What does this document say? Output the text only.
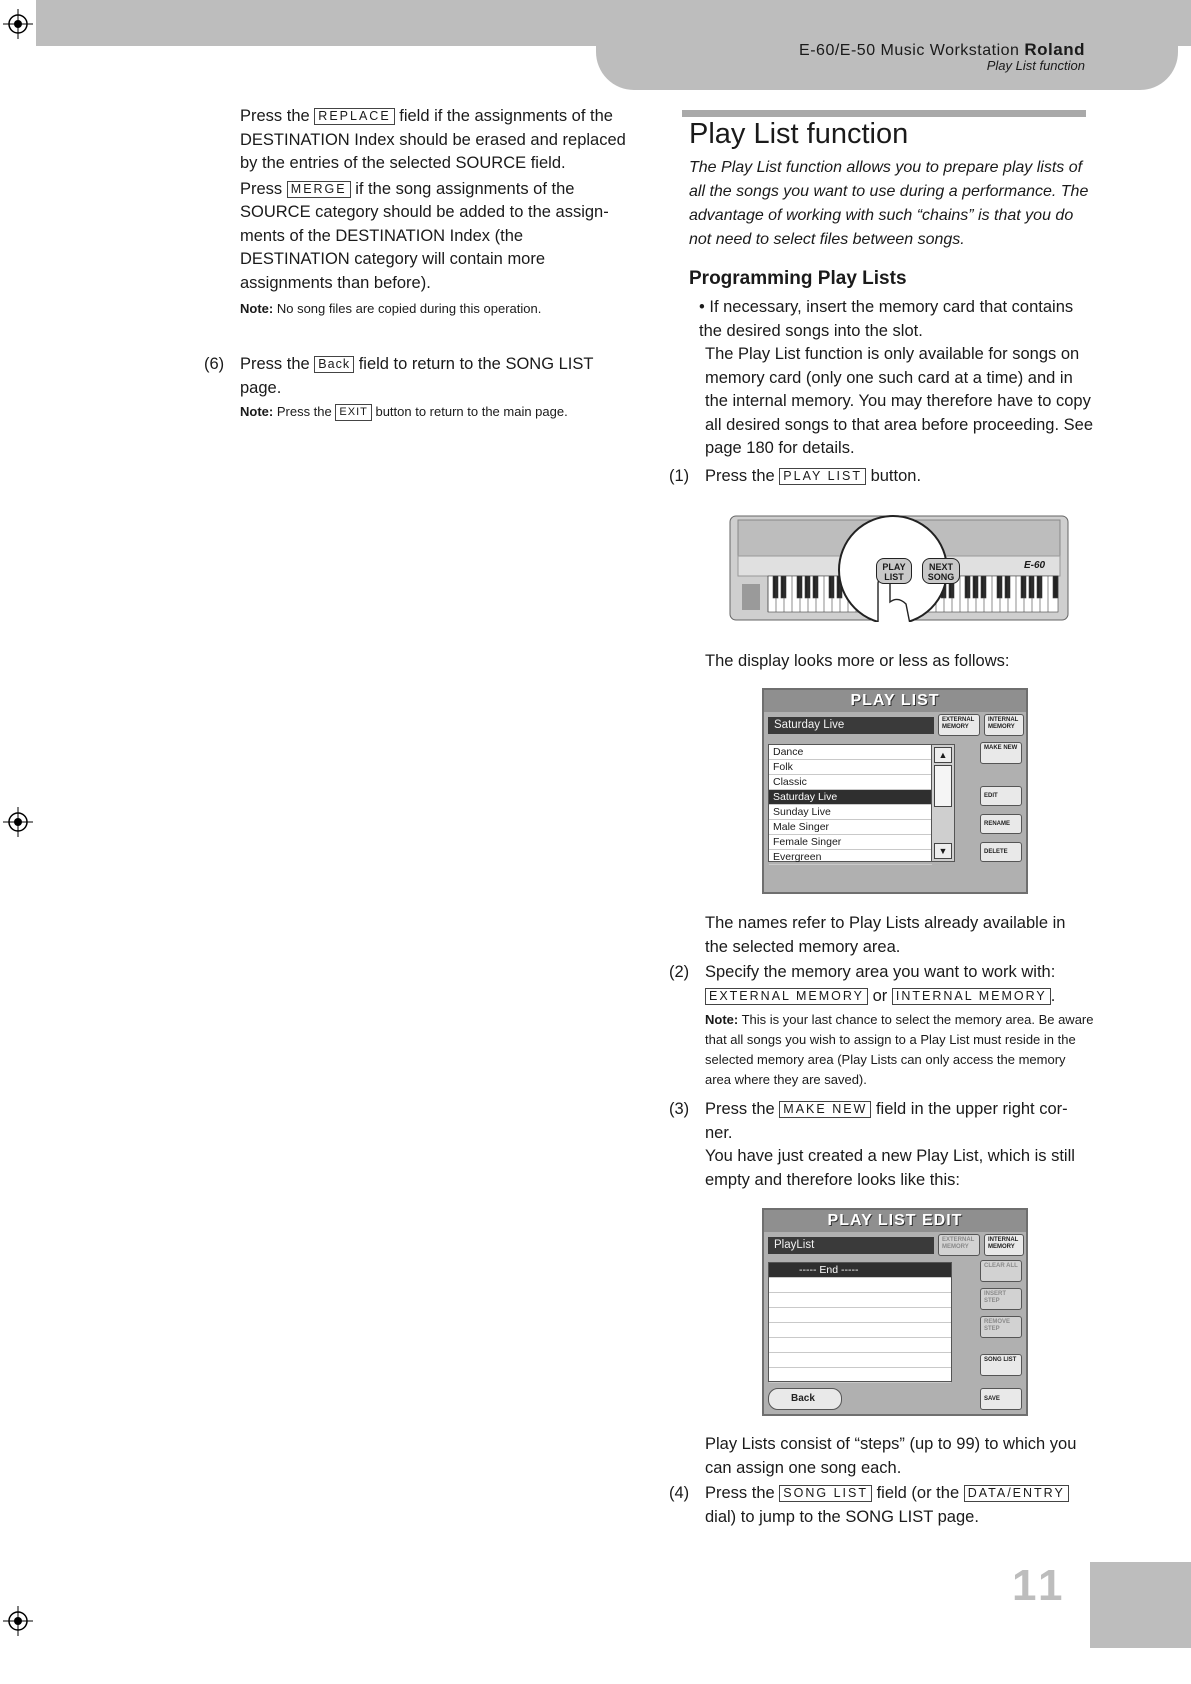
E-60/E-50 Music Workstation Roland
Play List function

Press the REPLACE field if the assignments of the DESTINATION Index should be erased and replaced by the entries of the selected SOURCE field.

Press MERGE if the song assignments of the SOURCE category should be added to the assign-ments of the DESTINATION Index (the DESTINATION category will contain more assignments than before).

Note: No song files are copied during this operation.

(6) Press the Back field to return to the SONG LIST page.

Note: Press the EXIT button to return to the main page.

Play List function
The Play List function allows you to prepare play lists of all the songs you want to use during a performance. The advantage of working with such “chains” is that you do not need to select files between songs.
Programming Play Lists

• If necessary, insert the memory card that contains the desired songs into the slot.

The Play List function is only available for songs on memory card (only one such card at a time) and in the internal memory. You may therefore have to copy all desired songs to that area before proceeding. See page 180 for details.

(1) Press the PLAY LIST button.

PLAY LIST
NEXT SONG
E-60
The display looks more or less as follows:
PLAY LIST
Saturday Live	EXTERNAL MEMORY
INTERNAL MEMORY
Dance
Folk
Classic
Saturday Live
Sunday Live
Male Singer
Female Singer
Evergreen
▲
▼
MAKE NEW
EDIT
RENAME
DELETE
The names refer to Play Lists already available in the selected memory area.
(2) Specify the memory area you want to work with:
EXTERNAL MEMORY or INTERNAL MEMORY .

Note: This is your last chance to select the memory area. Be aware that all songs you wish to assign to a Play List must reside in the selected memory area (Play Lists can only access the memory area where they are saved).

(3) Press the MAKE NEW field in the upper right cor-ner.

You have just created a new Play List, which is still empty and therefore looks like this:

PLAY LIST EDIT
PlayList	EXTERNAL MEMORY
INTERNAL MEMORY
----- End -----	CLEAR ALL
INSERT STEP
REMOVE STEP
SONG LIST
Back	SAVE
Play Lists consist of “steps” (up to 99) to which you can assign one song each.
(4) Press the SONG LIST field (or the DATA/ENTRY dial) to jump to the SONG LIST page.

115
